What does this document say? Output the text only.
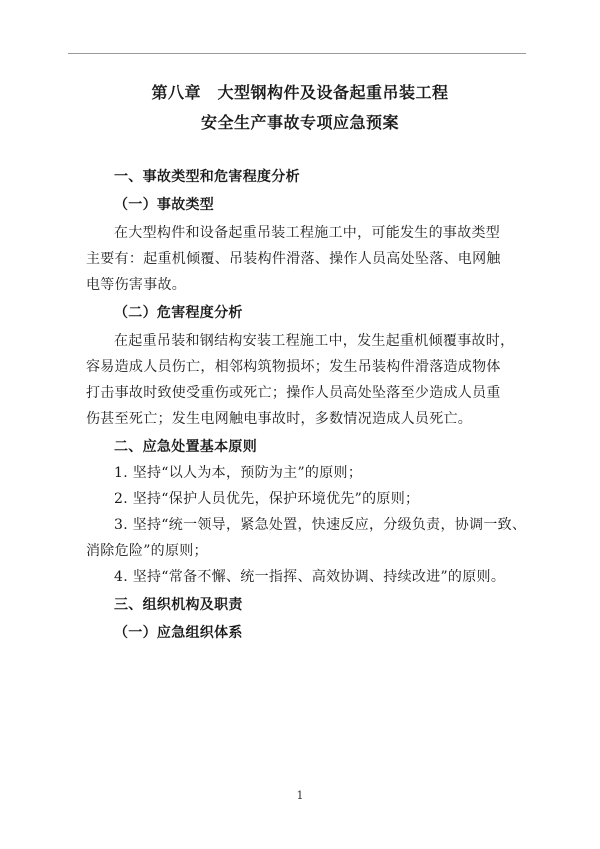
第八章　大型钢构件及设备起重吊装工程
安全生产事故专项应急预案
一、事故类型和危害程度分析
（一）事故类型
在大型构件和设备起重吊装工程施工中，可能发生的事故类型
主要有：起重机倾覆、吊装构件滑落、操作人员高处坠落、电网触
电等伤害事故。
（二）危害程度分析
在起重吊装和钢结构安装工程施工中，发生起重机倾覆事故时，
容易造成人员伤亡，相邻构筑物损坏；发生吊装构件滑落造成物体
打击事故时致使受重伤或死亡；操作人员高处坠落至少造成人员重
伤甚至死亡；发生电网触电事故时，多数情况造成人员死亡。
二、应急处置基本原则
1. 坚持“以人为本，预防为主”的原则；
2. 坚持“保护人员优先，保护环境优先”的原则；
3. 坚持“统一领导，紧急处置，快速反应，分级负责，协调一致、
消除危险”的原则；
4. 坚持“常备不懈、统一指挥、高效协调、持续改进”的原则。
三、组织机构及职责
（一）应急组织体系
1
